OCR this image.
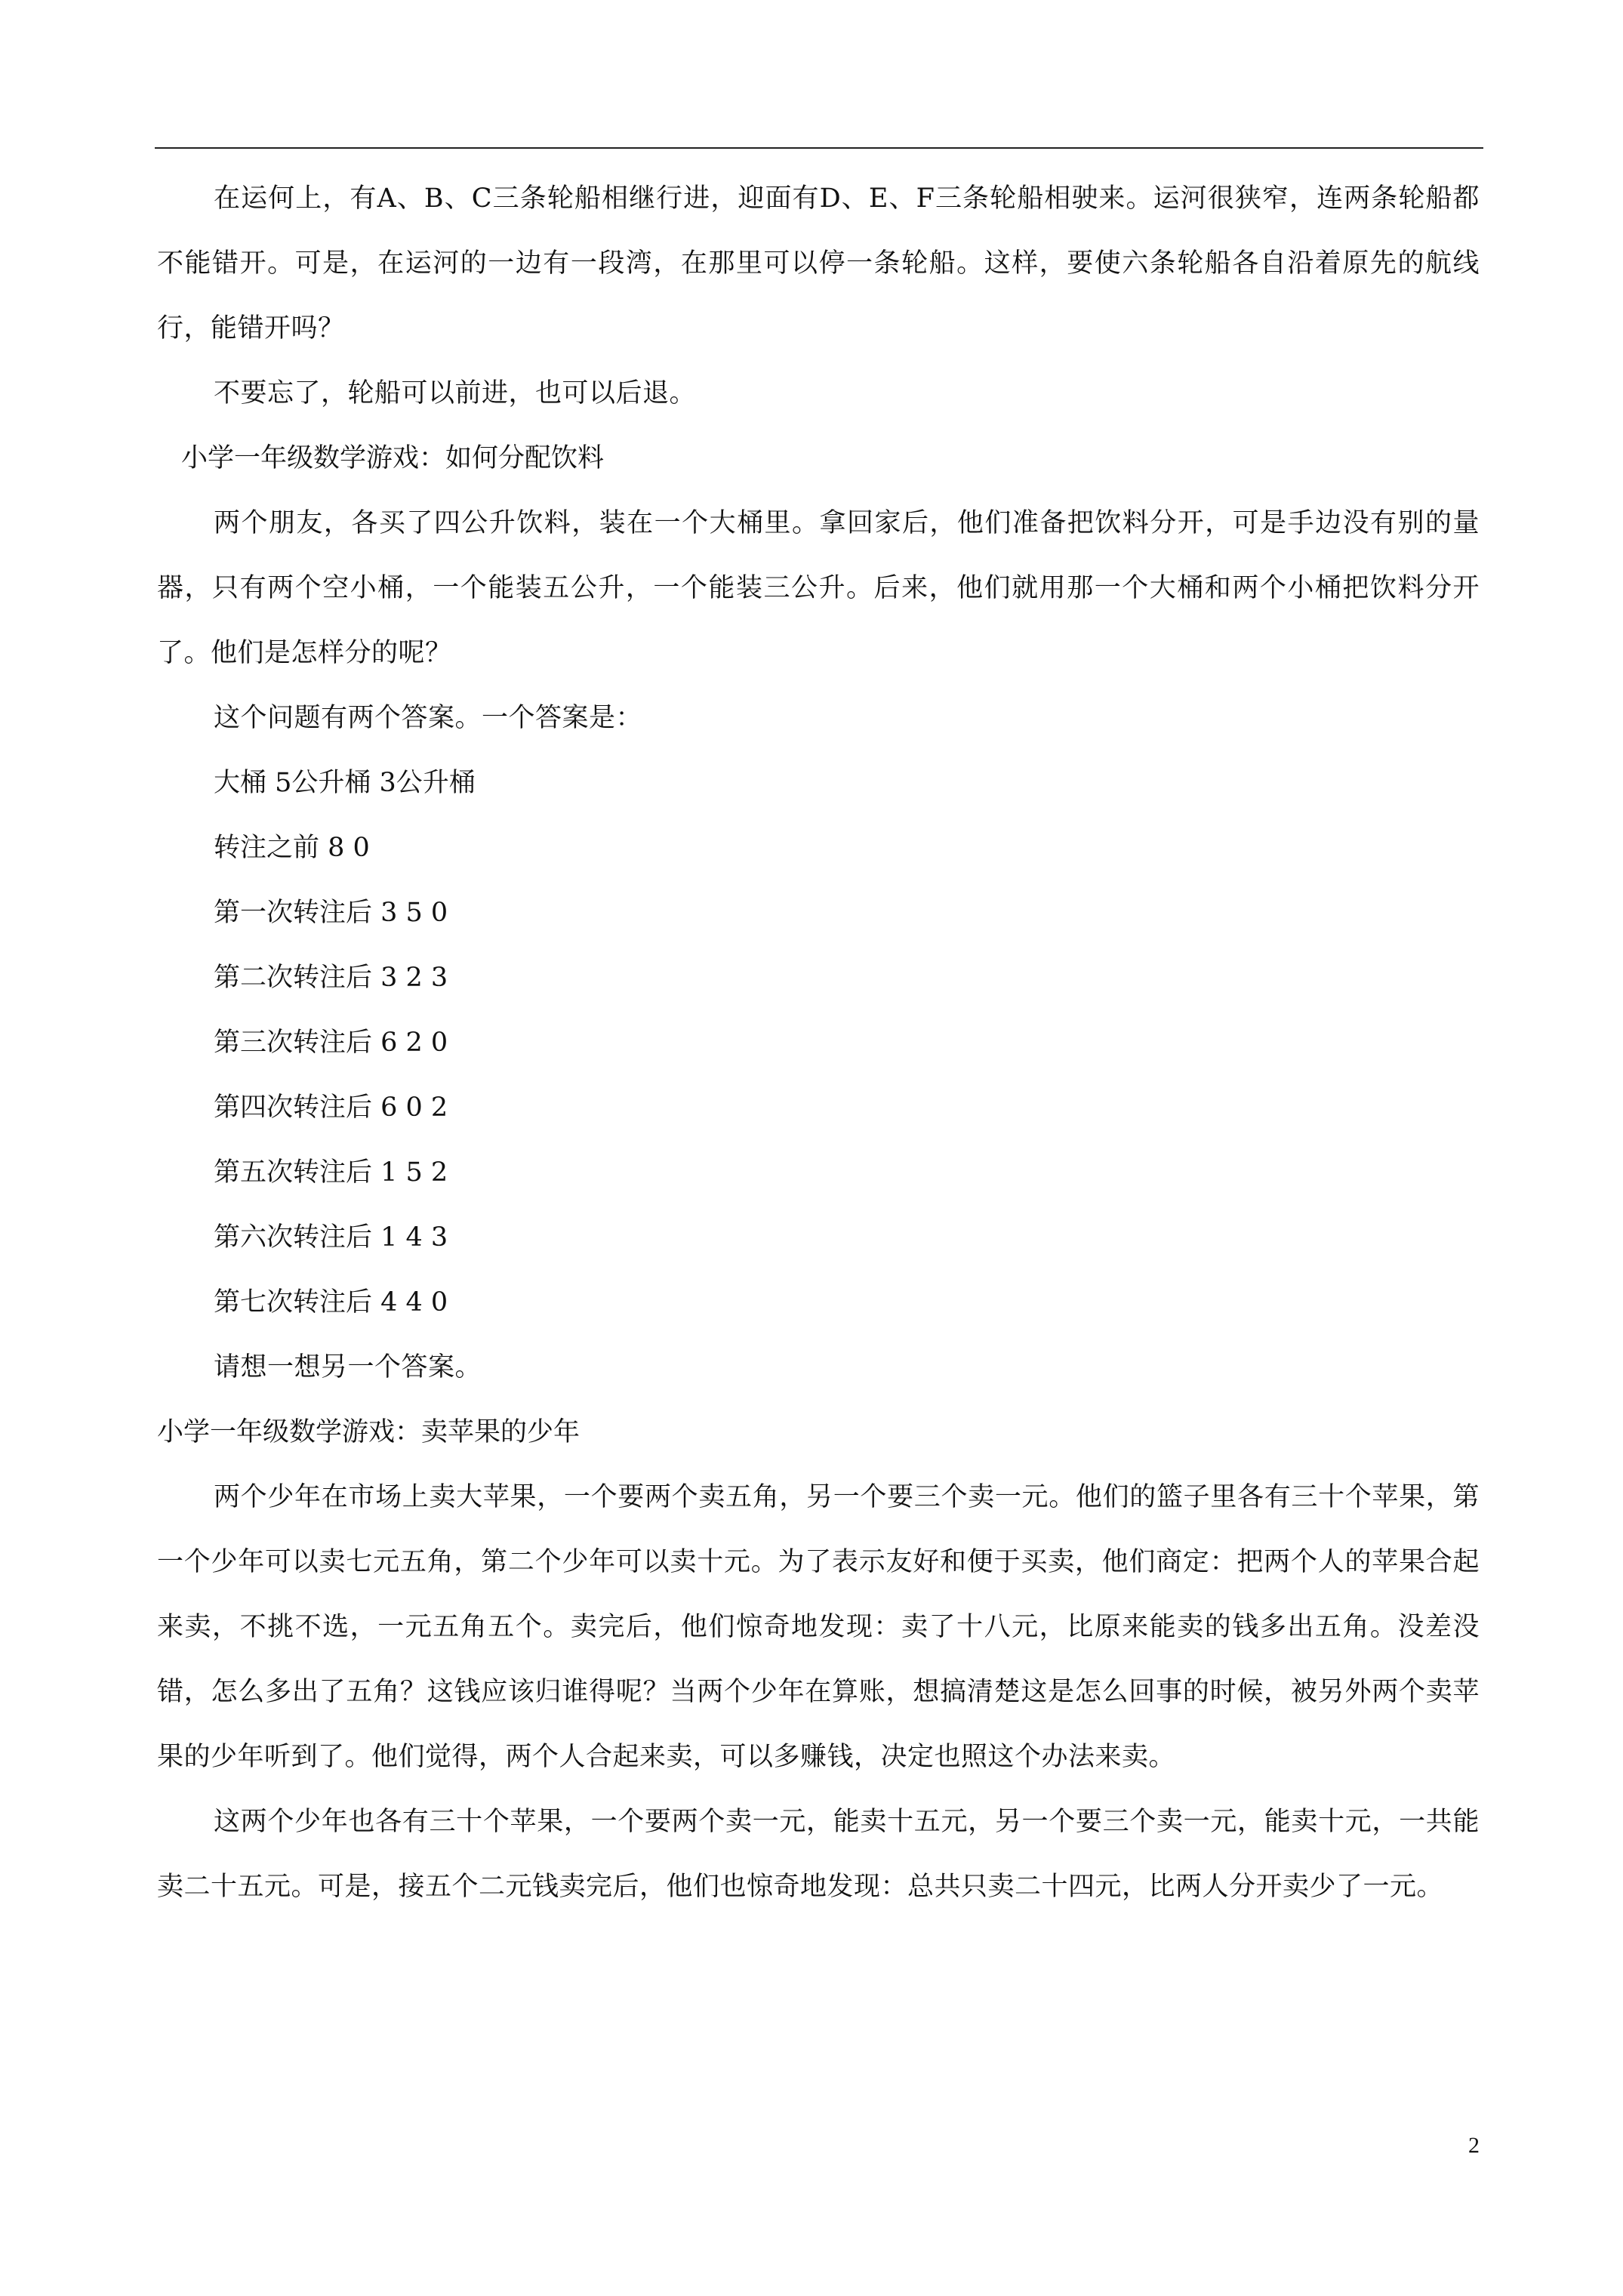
在运何上，有A、B、C三条轮船相继行进，迎面有D、E、F三条轮船相驶来。运河很狭窄，连两条轮船都不能错开。可是，在运河的一边有一段湾，在那里可以停一条轮船。这样，要使六条轮船各自沿着原先的航线行，能错开吗？

不要忘了，轮船可以前进，也可以后退。

小学一年级数学游戏：如何分配饮料

两个朋友，各买了四公升饮料，装在一个大桶里。拿回家后，他们准备把饮料分开，可是手边没有别的量器，只有两个空小桶，一个能装五公升，一个能装三公升。后来，他们就用那一个大桶和两个小桶把饮料分开了。他们是怎样分的呢？

这个问题有两个答案。一个答案是：

大桶 5公升桶 3公升桶

转注之前 8 0

第一次转注后 3 5 0

第二次转注后 3 2 3

第三次转注后 6 2 0

第四次转注后 6 0 2

第五次转注后 1 5 2

第六次转注后 1 4 3

第七次转注后 4 4 0

请想一想另一个答案。

小学一年级数学游戏：卖苹果的少年

两个少年在市场上卖大苹果，一个要两个卖五角，另一个要三个卖一元。他们的篮子里各有三十个苹果，第一个少年可以卖七元五角，第二个少年可以卖十元。为了表示友好和便于买卖，他们商定：把两个人的苹果合起来卖，不挑不选，一元五角五个。卖完后，他们惊奇地发现：卖了十八元，比原来能卖的钱多出五角。没差没错，怎么多出了五角？这钱应该归谁得呢？当两个少年在算账，想搞清楚这是怎么回事的时候，被另外两个卖苹果的少年听到了。他们觉得，两个人合起来卖，可以多赚钱，决定也照这个办法来卖。

这两个少年也各有三十个苹果，一个要两个卖一元，能卖十五元，另一个要三个卖一元，能卖十元，一共能卖二十五元。可是，接五个二元钱卖完后，他们也惊奇地发现：总共只卖二十四元，比两人分开卖少了一元。

2
